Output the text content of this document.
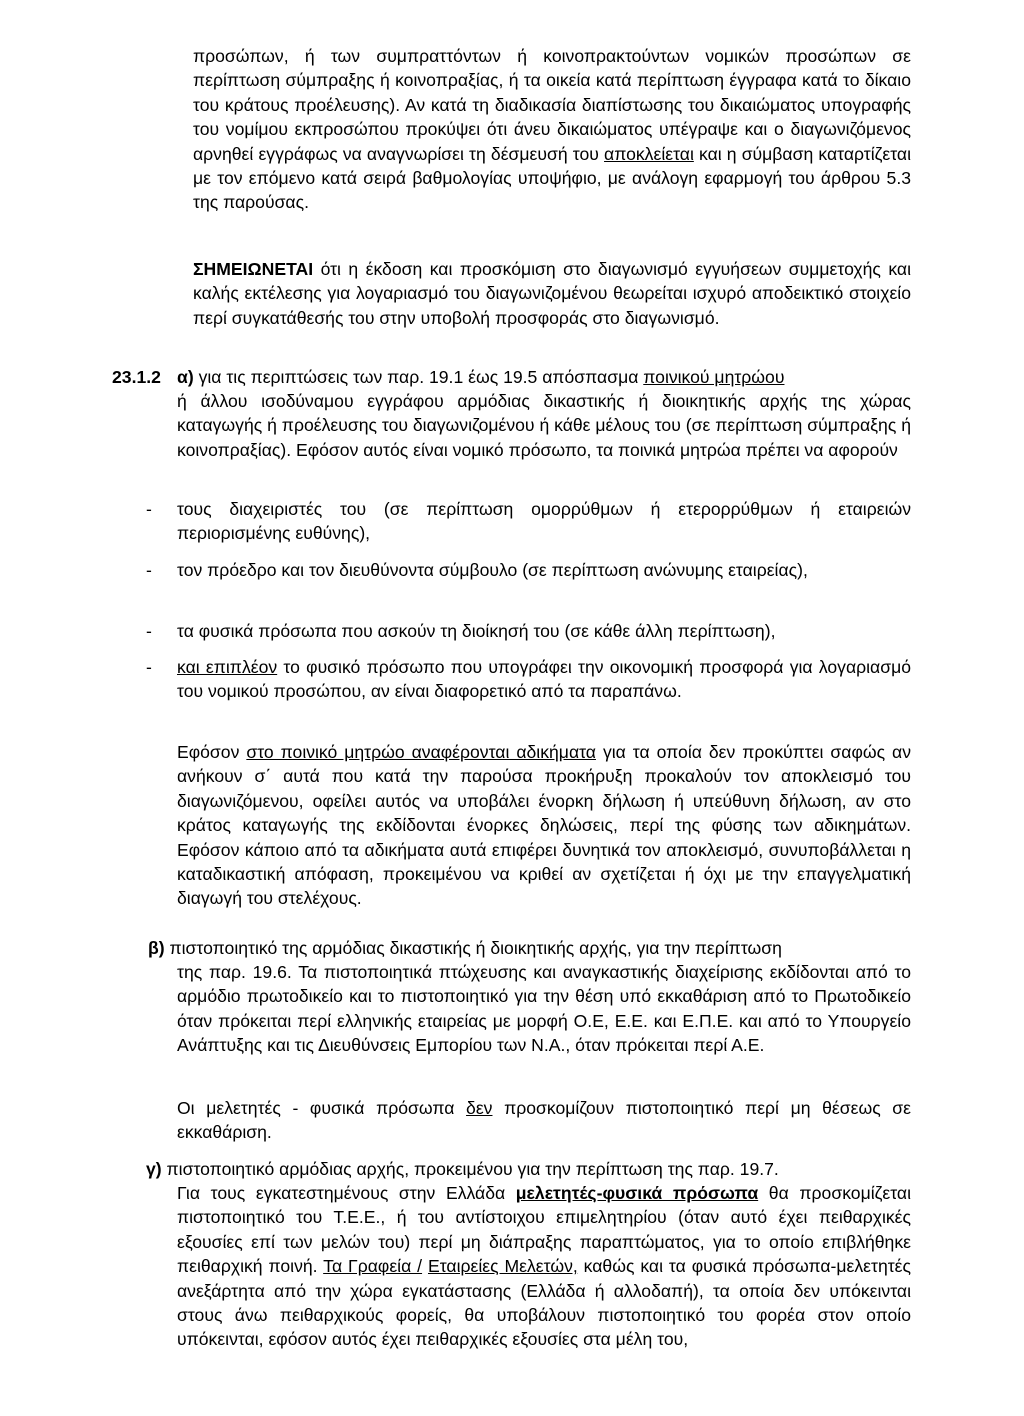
προσώπων, ή των συμπραττόντων ή κοινοπρακτούντων νομικών προσώπων σε περίπτωση σύμπραξης ή κοινοπραξίας, ή τα οικεία κατά περίπτωση έγγραφα κατά το δίκαιο του κράτους προέλευσης). Αν κατά τη διαδικασία διαπίστωσης του δικαιώματος υπογραφής του νομίμου εκπροσώπου προκύψει ότι άνευ δικαιώματος υπέγραψε και ο διαγωνιζόμενος αρνηθεί εγγράφως να αναγνωρίσει τη δέσμευσή του αποκλείεται και η σύμβαση καταρτίζεται με τον επόμενο κατά σειρά βαθμολογίας υποψήφιο, με ανάλογη εφαρμογή του άρθρου 5.3 της παρούσας.

ΣΗΜΕΙΩΝΕΤΑΙ ότι η έκδοση και προσκόμιση στο διαγωνισμό εγγυήσεων συμμετοχής και καλής εκτέλεσης για λογαριασμό του διαγωνιζομένου θεωρείται ισχυρό αποδεικτικό στοιχείο περί συγκατάθεσής του στην υποβολή προσφοράς στο διαγωνισμό.

23.1.2 α) για τις περιπτώσεις των παρ. 19.1 έως 19.5 απόσπασμα ποινικού μητρώου

ή άλλου ισοδύναμου εγγράφου αρμόδιας δικαστικής ή διοικητικής αρχής της χώρας καταγωγής ή προέλευσης του διαγωνιζομένου ή κάθε μέλους του (σε περίπτωση σύμπραξης ή κοινοπραξίας). Εφόσον αυτός είναι νομικό πρόσωπο, τα ποινικά μητρώα πρέπει να αφορούν

- τους διαχειριστές του (σε περίπτωση ομορρύθμων ή ετερορρύθμων ή εταιρειών περιορισμένης ευθύνης),

- τον πρόεδρο και τον διευθύνοντα σύμβουλο (σε περίπτωση ανώνυμης εταιρείας),

- τα φυσικά πρόσωπα που ασκούν τη διοίκησή του (σε κάθε άλλη περίπτωση),

- και επιπλέον το φυσικό πρόσωπο που υπογράφει την οικονομική προσφορά για λογαριασμό του νομικού προσώπου, αν είναι διαφορετικό από τα παραπάνω.

Εφόσον στο ποινικό μητρώο αναφέρονται αδικήματα για τα οποία δεν προκύπτει σαφώς αν ανήκουν σ΄ αυτά που κατά την παρούσα προκήρυξη προκαλούν τον αποκλεισμό του διαγωνιζόμενου, οφείλει αυτός να υποβάλει ένορκη δήλωση ή υπεύθυνη δήλωση, αν στο κράτος καταγωγής της εκδίδονται ένορκες δηλώσεις, περί της φύσης των αδικημάτων. Εφόσον κάποιο από τα αδικήματα αυτά επιφέρει δυνητικά τον αποκλεισμό, συνυποβάλλεται η καταδικαστική απόφαση, προκειμένου να κριθεί αν σχετίζεται ή όχι με την επαγγελματική διαγωγή του στελέχους.

β) πιστοποιητικό της αρμόδιας δικαστικής ή διοικητικής αρχής, για την περίπτωση

της παρ. 19.6. Τα πιστοποιητικά πτώχευσης και αναγκαστικής διαχείρισης εκδίδονται από το αρμόδιο πρωτοδικείο και το πιστοποιητικό για την θέση υπό εκκαθάριση από το Πρωτοδικείο όταν πρόκειται περί ελληνικής εταιρείας με μορφή Ο.Ε, Ε.Ε. και Ε.Π.Ε. και από το Υπουργείο Ανάπτυξης και τις Διευθύνσεις Εμπορίου των Ν.Α., όταν πρόκειται περί Α.Ε.

Οι μελετητές - φυσικά πρόσωπα δεν προσκομίζουν πιστοποιητικό περί μη θέσεως σε εκκαθάριση.

γ) πιστοποιητικό αρμόδιας αρχής, προκειμένου για την περίπτωση της παρ. 19.7.

Για τους εγκατεστημένους στην Ελλάδα μελετητές-φυσικά πρόσωπα θα προσκομίζεται πιστοποιητικό του Τ.Ε.Ε., ή του αντίστοιχου επιμελητηρίου (όταν αυτό έχει πειθαρχικές εξουσίες επί των μελών του) περί μη διάπραξης παραπτώματος, για το οποίο επιβλήθηκε πειθαρχική ποινή. Τα Γραφεία / Εταιρείες Μελετών, καθώς και τα φυσικά πρόσωπα-μελετητές ανεξάρτητα από την χώρα εγκατάστασης (Ελλάδα ή αλλοδαπή), τα οποία δεν υπόκεινται στους άνω πειθαρχικούς φορείς, θα υποβάλουν πιστοποιητικό του φορέα στον οποίο υπόκεινται, εφόσον αυτός έχει πειθαρχικές εξουσίες στα μέλη του,
